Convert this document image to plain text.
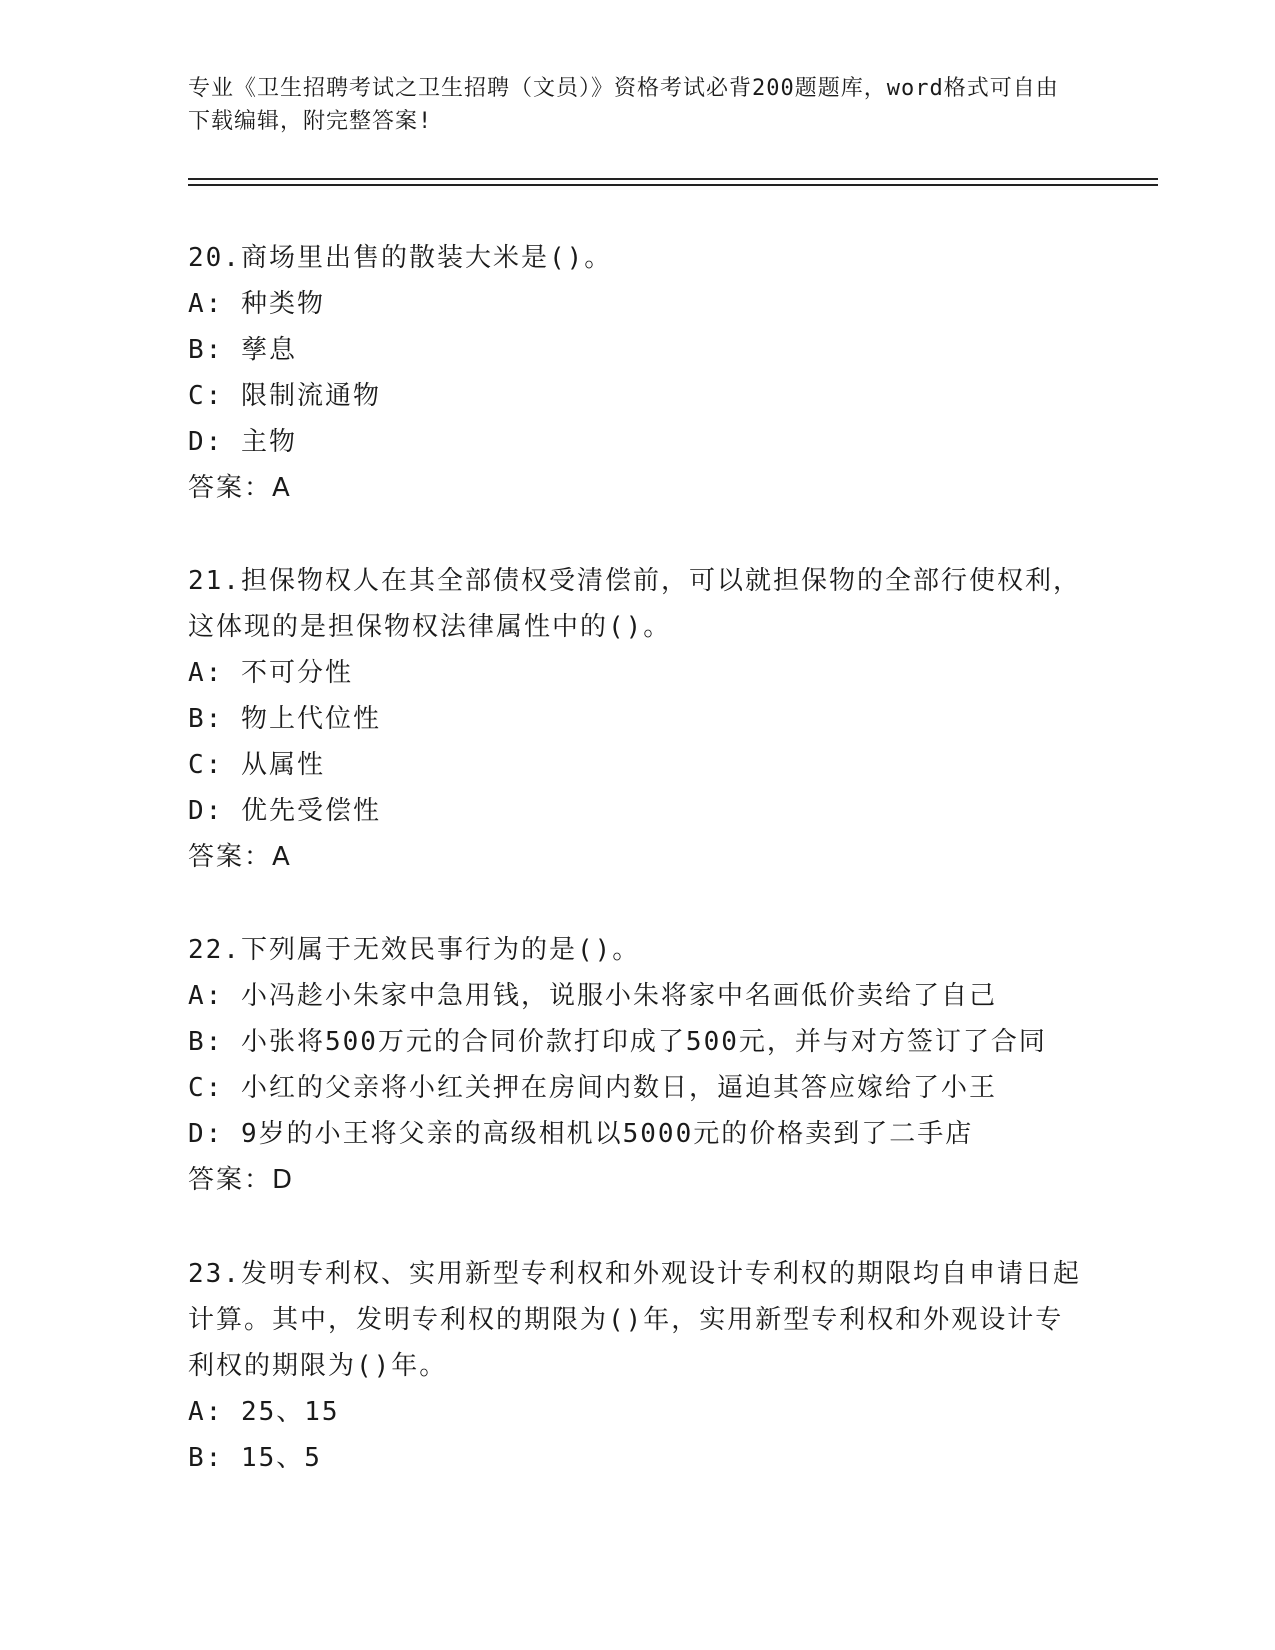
专业《卫生招聘考试之卫生招聘（文员）》资格考试必背200题题库，word格式可自由下载编辑，附完整答案!
20.商场里出售的散装大米是()。
A: 种类物
B: 孳息
C: 限制流通物
D: 主物
答案：A
21.担保物权人在其全部债权受清偿前，可以就担保物的全部行使权利，这体现的是担保物权法律属性中的()。
A: 不可分性
B: 物上代位性
C: 从属性
D: 优先受偿性
答案：A
22.下列属于无效民事行为的是()。
A: 小冯趁小朱家中急用钱，说服小朱将家中名画低价卖给了自己
B: 小张将500万元的合同价款打印成了500元，并与对方签订了合同
C: 小红的父亲将小红关押在房间内数日，逼迫其答应嫁给了小王
D: 9岁的小王将父亲的高级相机以5000元的价格卖到了二手店
答案：D
23.发明专利权、实用新型专利权和外观设计专利权的期限均自申请日起计算。其中，发明专利权的期限为()年，实用新型专利权和外观设计专利权的期限为()年。
A: 25、15
B: 15、5
